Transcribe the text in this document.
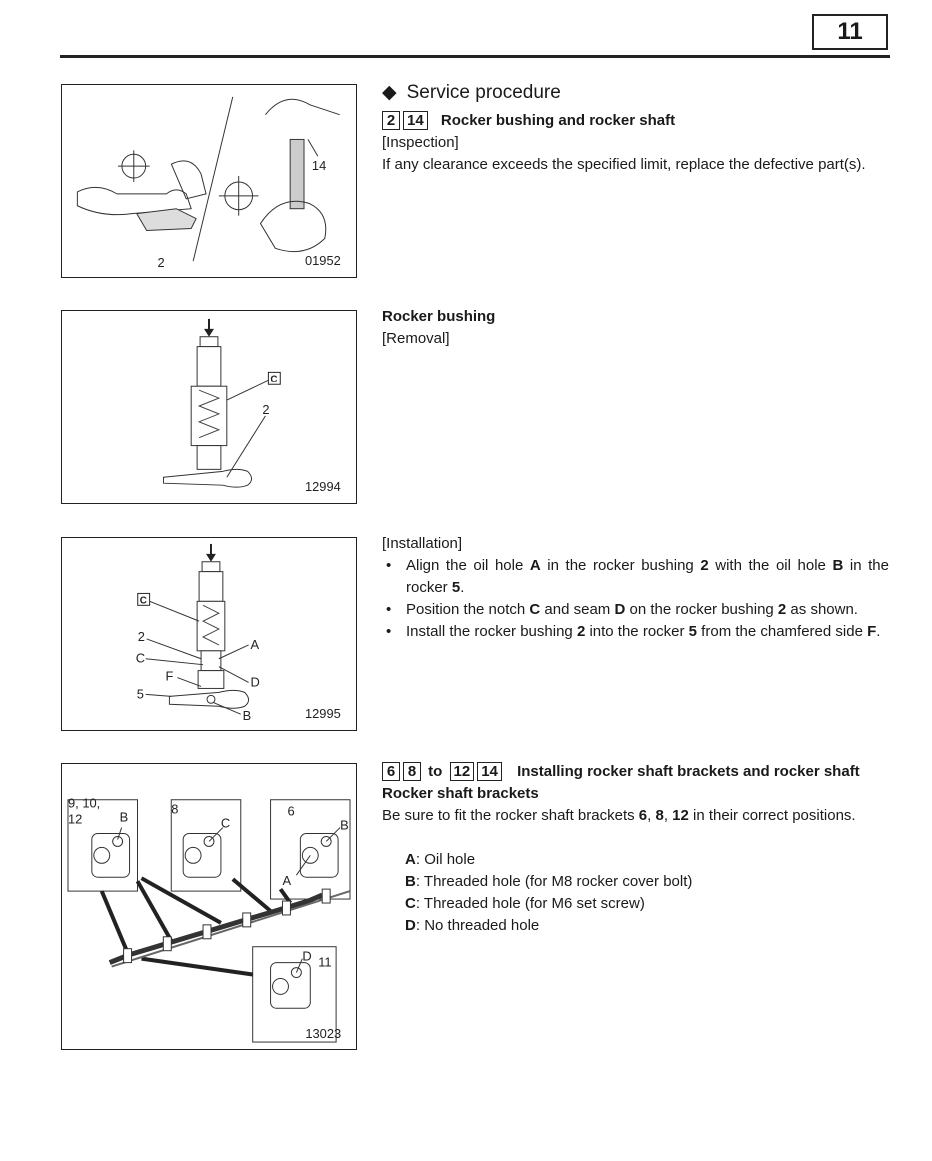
11
2
14
01952
◆ Service procedure
2 14 Rocker bushing and rocker shaft
[Inspection]
If any clearance exceeds the specified limit, replace the defective part(s).
C
2
12994
Rocker bushing
[Removal]
C
2
A
C
D
F
5
B	12995
[Installation]
• Align the oil hole A in the rocker bushing 2 with the oil hole B in the rocker 5.
• Position the notch C and seam D on the rocker bushing 2 as shown.
• Install the rocker bushing 2 into the rocker 5 from the chamfered side F.
9, 10,
12	B
8
C
6
B
A
D 11
13023
6 8 to 12 14 Installing rocker shaft brackets and rocker shaft
Rocker shaft brackets
Be sure to fit the rocker shaft brackets 6, 8, 12 in their correct positions.
A: Oil hole
B: Threaded hole (for M8 rocker cover bolt)
C: Threaded hole (for M6 set screw)
D: No threaded hole
